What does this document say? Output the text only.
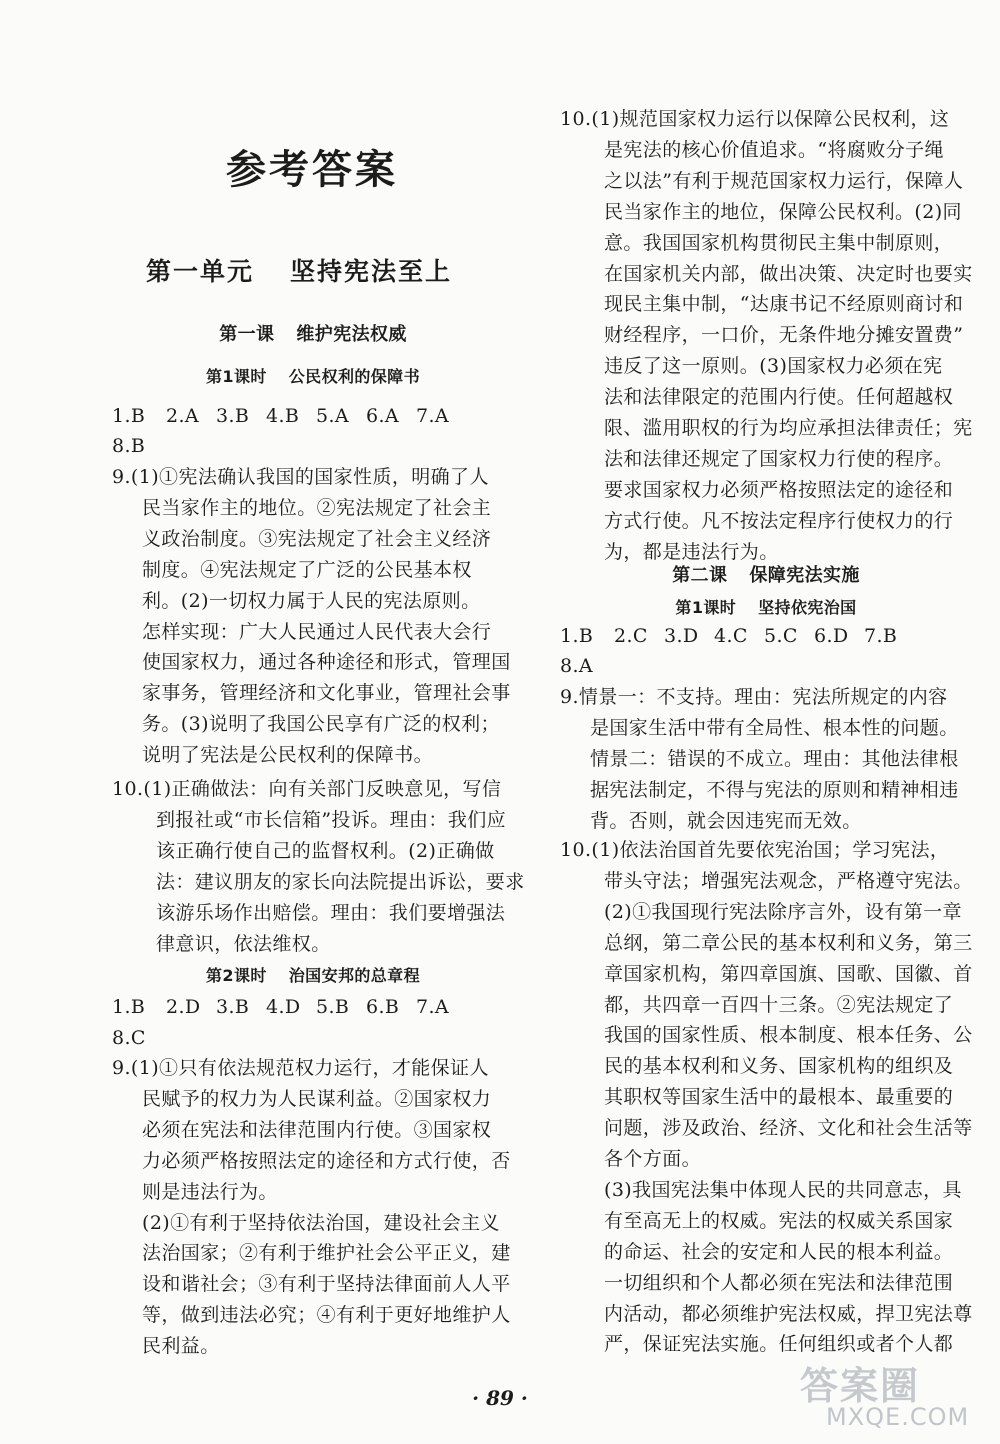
参考答案
第一单元 坚持宪法至上
第一课 维护宪法权威
第1课时 公民权利的保障书
1.B 2.A 3.B 4.B 5.A 6.A 7.A
8.B
9.(1)①宪法确认我国的国家性质，明确了人
民当家作主的地位。②宪法规定了社会主
义政治制度。③宪法规定了社会主义经济
制度。④宪法规定了广泛的公民基本权
利。(2)一切权力属于人民的宪法原则。
怎样实现：广大人民通过人民代表大会行
使国家权力，通过各种途径和形式，管理国
家事务，管理经济和文化事业，管理社会事
务。(3)说明了我国公民享有广泛的权利；
说明了宪法是公民权利的保障书。
10.(1)正确做法：向有关部门反映意见，写信
到报社或“市长信箱”投诉。理由：我们应
该正确行使自己的监督权利。(2)正确做
法：建议朋友的家长向法院提出诉讼，要求
该游乐场作出赔偿。理由：我们要增强法
律意识，依法维权。
第2课时 治国安邦的总章程
1.B 2.D 3.B 4.D 5.B 6.B 7.A
8.C
9.(1)①只有依法规范权力运行，才能保证人
民赋予的权力为人民谋利益。②国家权力
必须在宪法和法律范围内行使。③国家权
力必须严格按照法定的途径和方式行使，否
则是违法行为。
(2)①有利于坚持依法治国，建设社会主义
法治国家；②有利于维护社会公平正义，建
设和谐社会；③有利于坚持法律面前人人平
等，做到违法必究；④有利于更好地维护人
民利益。
10.(1)规范国家权力运行以保障公民权利，这
是宪法的核心价值追求。“将腐败分子绳
之以法”有利于规范国家权力运行，保障人
民当家作主的地位，保障公民权利。(2)同
意。我国国家机构贯彻民主集中制原则，
在国家机关内部，做出决策、决定时也要实
现民主集中制，“达康书记不经原则商讨和
财经程序，一口价，无条件地分摊安置费”
违反了这一原则。(3)国家权力必须在宪
法和法律限定的范围内行使。任何超越权
限、滥用职权的行为均应承担法律责任；宪
法和法律还规定了国家权力行使的程序。
要求国家权力必须严格按照法定的途径和
方式行使。凡不按法定程序行使权力的行
为，都是违法行为。
第二课 保障宪法实施
第1课时 坚持依宪治国
1.B 2.C 3.D 4.C 5.C 6.D 7.B
8.A
9.情景一：不支持。理由：宪法所规定的内容
是国家生活中带有全局性、根本性的问题。
情景二：错误的不成立。理由：其他法律根
据宪法制定，不得与宪法的原则和精神相违
背。否则，就会因违宪而无效。
10.(1)依法治国首先要依宪治国；学习宪法，
带头守法；增强宪法观念，严格遵守宪法。
(2)①我国现行宪法除序言外，设有第一章
总纲，第二章公民的基本权利和义务，第三
章国家机构，第四章国旗、国歌、国徽、首
都，共四章一百四十三条。②宪法规定了
我国的国家性质、根本制度、根本任务、公
民的基本权利和义务、国家机构的组织及
其职权等国家生活中的最根本、最重要的
问题，涉及政治、经济、文化和社会生活等
各个方面。
(3)我国宪法集中体现人民的共同意志，具
有至高无上的权威。宪法的权威关系国家
的命运、社会的安定和人民的根本利益。
一切组织和个人都必须在宪法和法律范围
内活动，都必须维护宪法权威，捍卫宪法尊
严，保证宪法实施。任何组织或者个人都
· 89 ·	答案圈
MXQE.COM
